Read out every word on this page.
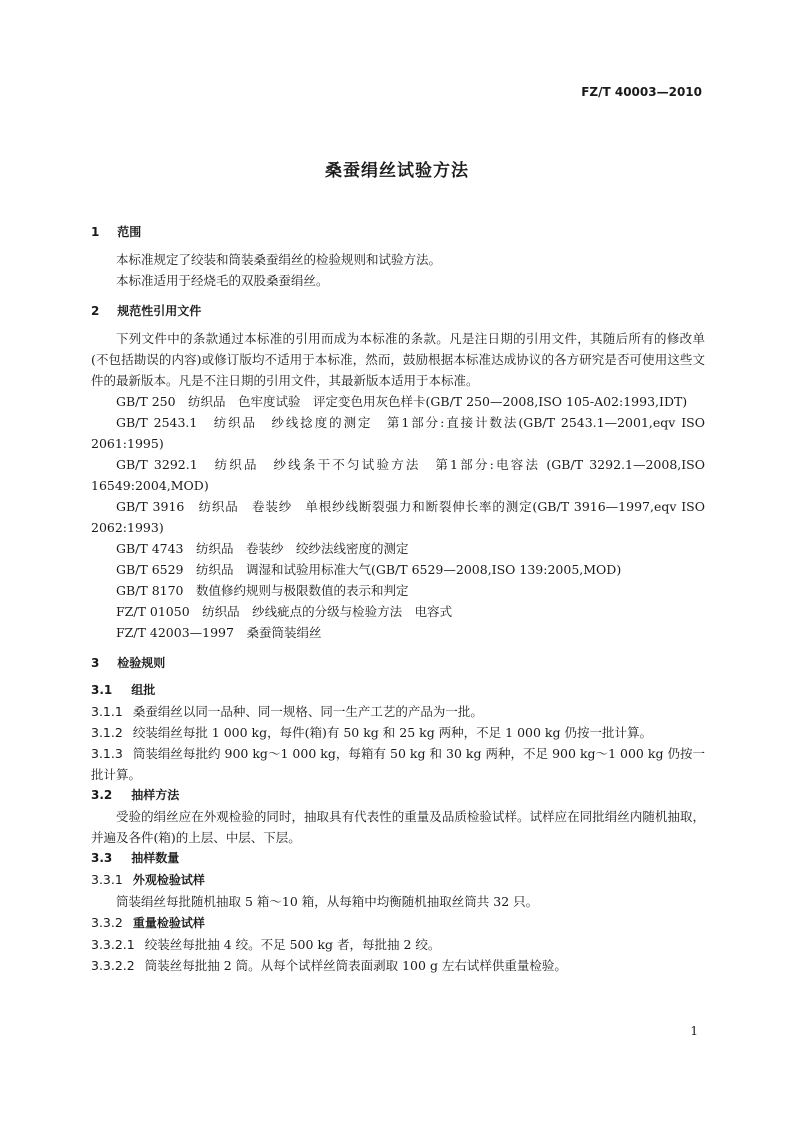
FZ/T 40003—2010
桑蚕绢丝试验方法
1 范围

本标准规定了绞装和筒装桑蚕绢丝的检验规则和试验方法。

本标准适用于经烧毛的双股桑蚕绢丝。

2 规范性引用文件

下列文件中的条款通过本标准的引用而成为本标准的条款。凡是注日期的引用文件，其随后所有的修改单(不包括勘误的内容)或修订版均不适用于本标准，然而，鼓励根据本标准达成协议的各方研究是否可使用这些文件的最新版本。凡是不注日期的引用文件，其最新版本适用于本标准。

GB/T 250　纺织品　色牢度试验　评定变色用灰色样卡(GB/T 250—2008,ISO 105-A02:1993,IDT)

GB/T 2543.1　纺织品　纱线捻度的测定　第1部分:直接计数法(GB/T 2543.1—2001,eqv ISO 2061:1995)

GB/T 3292.1　纺织品　纱线条干不匀试验方法　第1部分:电容法 (GB/T 3292.1—2008,ISO 16549:2004,MOD)

GB/T 3916　纺织品　卷装纱　单根纱线断裂强力和断裂伸长率的测定(GB/T 3916—1997,eqv ISO 2062:1993)

GB/T 4743　纺织品　卷装纱　绞纱法线密度的测定

GB/T 6529　纺织品　调湿和试验用标准大气(GB/T 6529—2008,ISO 139:2005,MOD)

GB/T 8170　数值修约规则与极限数值的表示和判定

FZ/T 01050　纺织品　纱线疵点的分级与检验方法　电容式

FZ/T 42003—1997　桑蚕筒装绢丝

3 检验规则
3.1 组批

3.1.1 桑蚕绢丝以同一品种、同一规格、同一生产工艺的产品为一批。

3.1.2 绞装绢丝每批 1 000 kg，每件(箱)有 50 kg 和 25 kg 两种，不足 1 000 kg 仍按一批计算。

3.1.3 筒装绢丝每批约 900 kg～1 000 kg，每箱有 50 kg 和 30 kg 两种，不足 900 kg～1 000 kg 仍按一批计算。

3.2 抽样方法

受验的绢丝应在外观检验的同时，抽取具有代表性的重量及品质检验试样。试样应在同批绢丝内随机抽取，并遍及各件(箱)的上层、中层、下层。

3.3 抽样数量
3.3.1 外观检验试样

筒装绢丝每批随机抽取 5 箱～10 箱，从每箱中均衡随机抽取丝筒共 32 只。

3.3.2 重量检验试样

3.3.2.1 绞装丝每批抽 4 绞。不足 500 kg 者，每批抽 2 绞。

3.3.2.2 筒装丝每批抽 2 筒。从每个试样丝筒表面剥取 100 g 左右试样供重量检验。

1
